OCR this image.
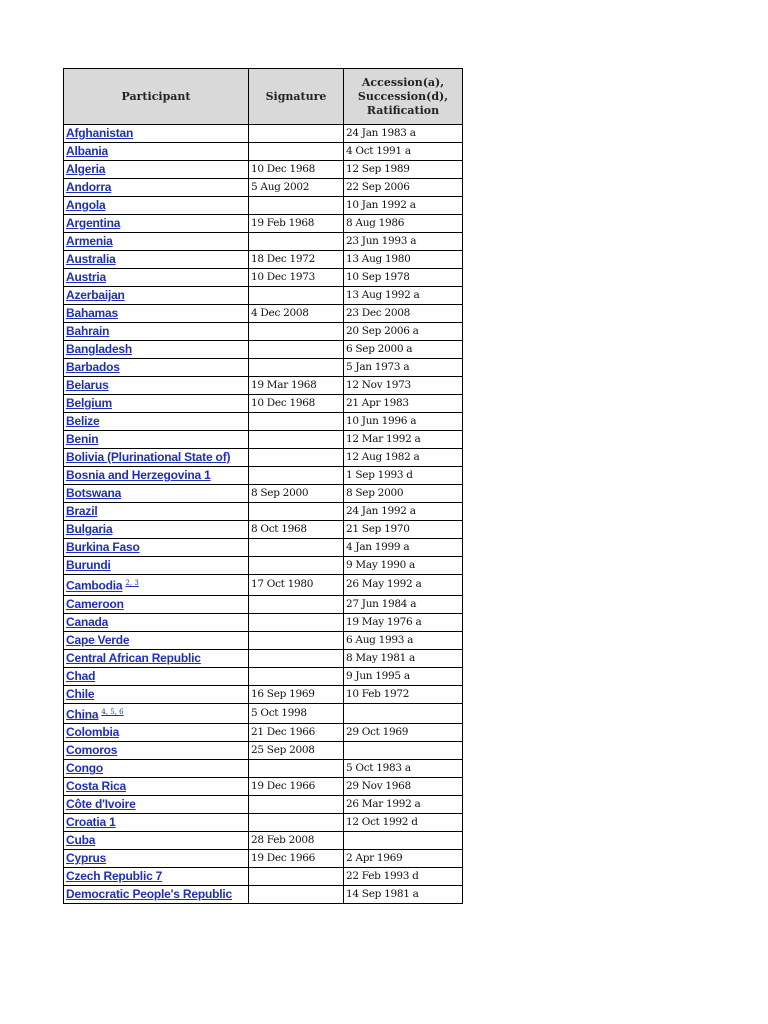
Participant	Signature	Accession(a), Succession(d), Ratification
Afghanistan		24 Jan 1983 a
Albania		4 Oct 1991 a
Algeria	10 Dec 1968	12 Sep 1989
Andorra	5 Aug 2002	22 Sep 2006
Angola		10 Jan 1992 a
Argentina	19 Feb 1968	8 Aug 1986
Armenia		23 Jun 1993 a
Australia	18 Dec 1972	13 Aug 1980
Austria	10 Dec 1973	10 Sep 1978
Azerbaijan		13 Aug 1992 a
Bahamas	4 Dec 2008	23 Dec 2008
Bahrain		20 Sep 2006 a
Bangladesh		6 Sep 2000 a
Barbados		5 Jan 1973 a
Belarus	19 Mar 1968	12 Nov 1973
Belgium	10 Dec 1968	21 Apr 1983
Belize		10 Jun 1996 a
Benin		12 Mar 1992 a
Bolivia (Plurinational State of)		12 Aug 1982 a
Bosnia and Herzegovina 1		1 Sep 1993 d
Botswana	8 Sep 2000	8 Sep 2000
Brazil		24 Jan 1992 a
Bulgaria	8 Oct 1968	21 Sep 1970
Burkina Faso		4 Jan 1999 a
Burundi		9 May 1990 a
Cambodia $^{2, 3}$	17 Oct 1980	26 May 1992 a
Cameroon		27 Jun 1984 a
Canada		19 May 1976 a
Cape Verde		6 Aug 1993 a
Central African Republic		8 May 1981 a
Chad		9 Jun 1995 a
Chile	16 Sep 1969	10 Feb 1972
China $^{4, 5, 6}$	5 Oct 1998	
Colombia	21 Dec 1966	29 Oct 1969
Comoros	25 Sep 2008	
Congo		5 Oct 1983 a
Costa Rica	19 Dec 1966	29 Nov 1968
Côte d'Ivoire		26 Mar 1992 a
Croatia 1		12 Oct 1992 d
Cuba	28 Feb 2008	
Cyprus	19 Dec 1966	2 Apr 1969
Czech Republic 7		22 Feb 1993 d
Democratic People's Republic		14 Sep 1981 a
